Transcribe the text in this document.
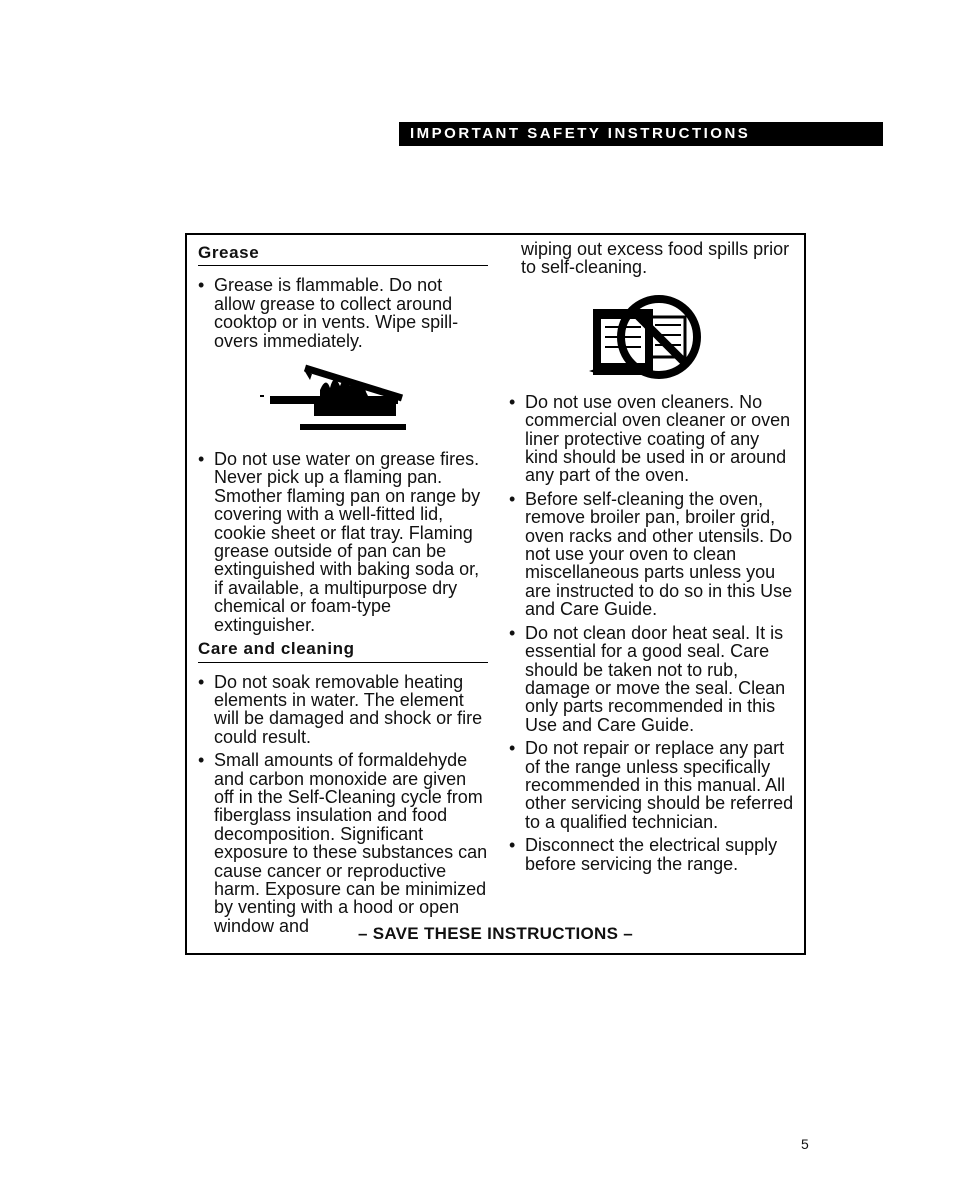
IMPORTANT SAFETY INSTRUCTIONS
Grease
• Grease is flammable. Do not allow grease to collect around cooktop or in vents. Wipe spill-overs immediately.
• Do not use water on grease fires. Never pick up a flaming pan. Smother flaming pan on range by covering with a well-fitted lid, cookie sheet or flat tray. Flaming grease outside of pan can be extinguished with baking soda or, if available, a multipurpose dry chemical or foam-type extinguisher.
Care and cleaning
• Do not soak removable heating elements in water. The element will be damaged and shock or fire could result.
• Small amounts of formaldehyde and carbon monoxide are given off in the Self-Cleaning cycle from fiberglass insulation and food decomposition. Significant exposure to these substances can cause cancer or reproductive harm. Exposure can be minimized by venting with a hood or open window and
wiping out excess food spills prior to self-cleaning.
• Do not use oven cleaners. No commercial oven cleaner or oven liner protective coating of any kind should be used in or around any part of the oven.
• Before self-cleaning the oven, remove broiler pan, broiler grid, oven racks and other utensils. Do not use your oven to clean miscellaneous parts unless you are instructed to do so in this Use and Care Guide.
• Do not clean door heat seal. It is essential for a good seal. Care should be taken not to rub, damage or move the seal. Clean only parts recommended in this Use and Care Guide.
• Do not repair or replace any part of the range unless specifically recommended in this manual. All other servicing should be referred to a qualified technician.
• Disconnect the electrical supply before servicing the range.
– SAVE THESE INSTRUCTIONS –
5
